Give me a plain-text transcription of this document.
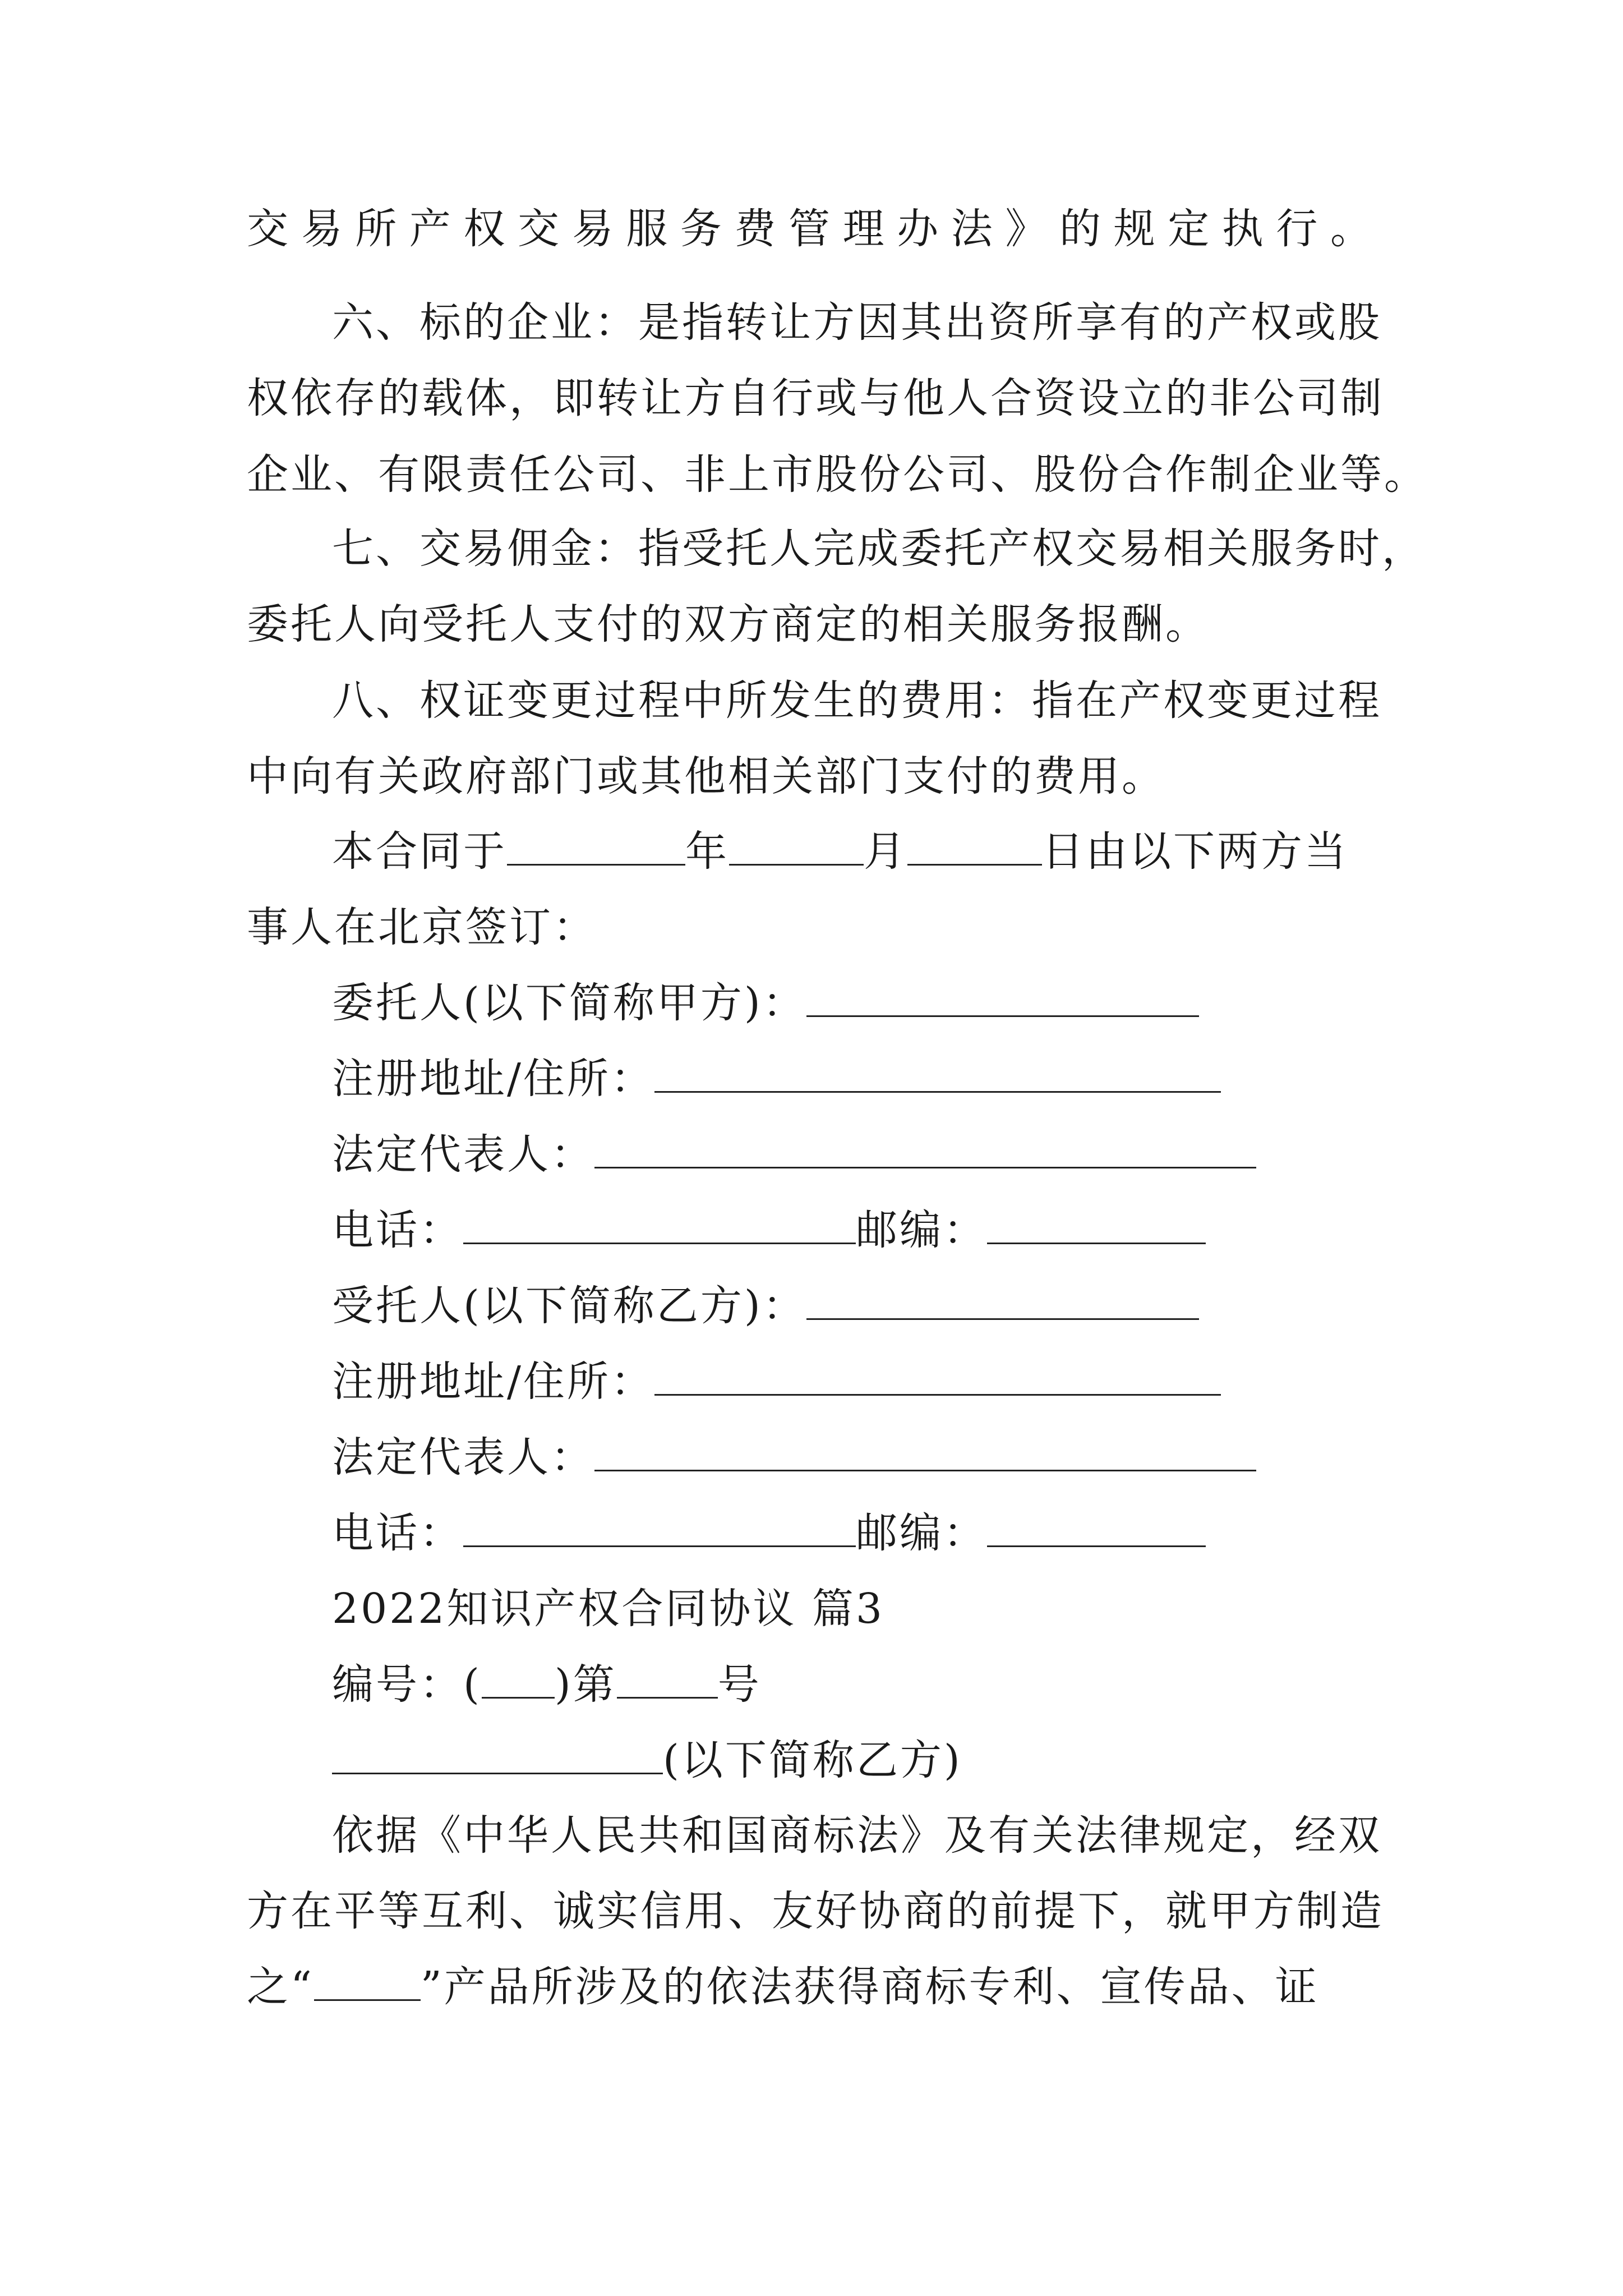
交易所产权交易服务费管理办法》的规定执行。
六、标的企业：是指转让方因其出资所享有的产权或股
权依存的载体，即转让方自行或与他人合资设立的非公司制
企业、有限责任公司、非上市股份公司、股份合作制企业等。
七、交易佣金：指受托人完成委托产权交易相关服务时，
委托人向受托人支付的双方商定的相关服务报酬。
八、权证变更过程中所发生的费用：指在产权变更过程
中向有关政府部门或其他相关部门支付的费用。
本合同于	年	月	日由以下两方当
事人在北京签订：
委托人(以下简称甲方)：
注册地址/住所：
法定代表人：
电话：	邮编：
受托人(以下简称乙方)：
注册地址/住所：
法定代表人：
电话：	邮编：
2022知识产权合同协议 篇3
编号：( )第 号
(以下简称乙方)
依据《中华人民共和国商标法》及有关法律规定，经双
方在平等互利、诚实信用、友好协商的前提下，就甲方制造
之“	”产品所涉及的依法获得商标专利、宣传品、证
